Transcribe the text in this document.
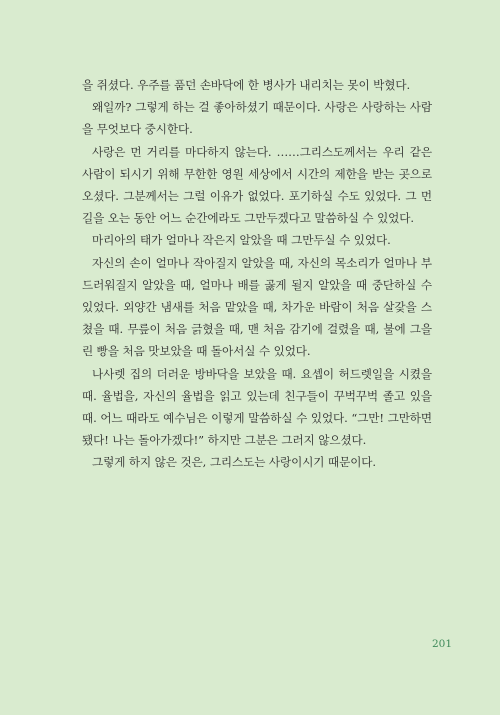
을 쥐셨다. 우주를 품던 손바닥에 한 병사가 내리치는 못이 박혔다.

왜일까? 그렇게 하는 걸 좋아하셨기 때문이다. 사랑은 사랑하는 사람을 무엇보다 중시한다.

사랑은 먼 거리를 마다하지 않는다. ……그리스도께서는 우리 같은 사람이 되시기 위해 무한한 영원 세상에서 시간의 제한을 받는 곳으로 오셨다. 그분께서는 그럴 이유가 없었다. 포기하실 수도 있었다. 그 먼 길을 오는 동안 어느 순간에라도 그만두겠다고 말씀하실 수 있었다.

마리아의 태가 얼마나 작은지 알았을 때 그만두실 수 있었다.

자신의 손이 얼마나 작아질지 알았을 때, 자신의 목소리가 얼마나 부드러워질지 알았을 때, 얼마나 배를 곯게 될지 알았을 때 중단하실 수 있었다. 외양간 냄새를 처음 맡았을 때, 차가운 바람이 처음 살갗을 스쳤을 때. 무릎이 처음 긁혔을 때, 맨 처음 감기에 걸렸을 때, 불에 그을린 빵을 처음 맛보았을 때 돌아서실 수 있었다.

나사렛 집의 더러운 방바닥을 보았을 때. 요셉이 허드렛일을 시켰을 때. 율법을, 자신의 율법을 읽고 있는데 친구들이 꾸벅꾸벅 졸고 있을 때. 어느 때라도 예수님은 이렇게 말씀하실 수 있었다. “그만! 그만하면 됐다! 나는 돌아가겠다!” 하지만 그분은 그러지 않으셨다.

그렇게 하지 않은 것은, 그리스도는 사랑이시기 때문이다.

201
